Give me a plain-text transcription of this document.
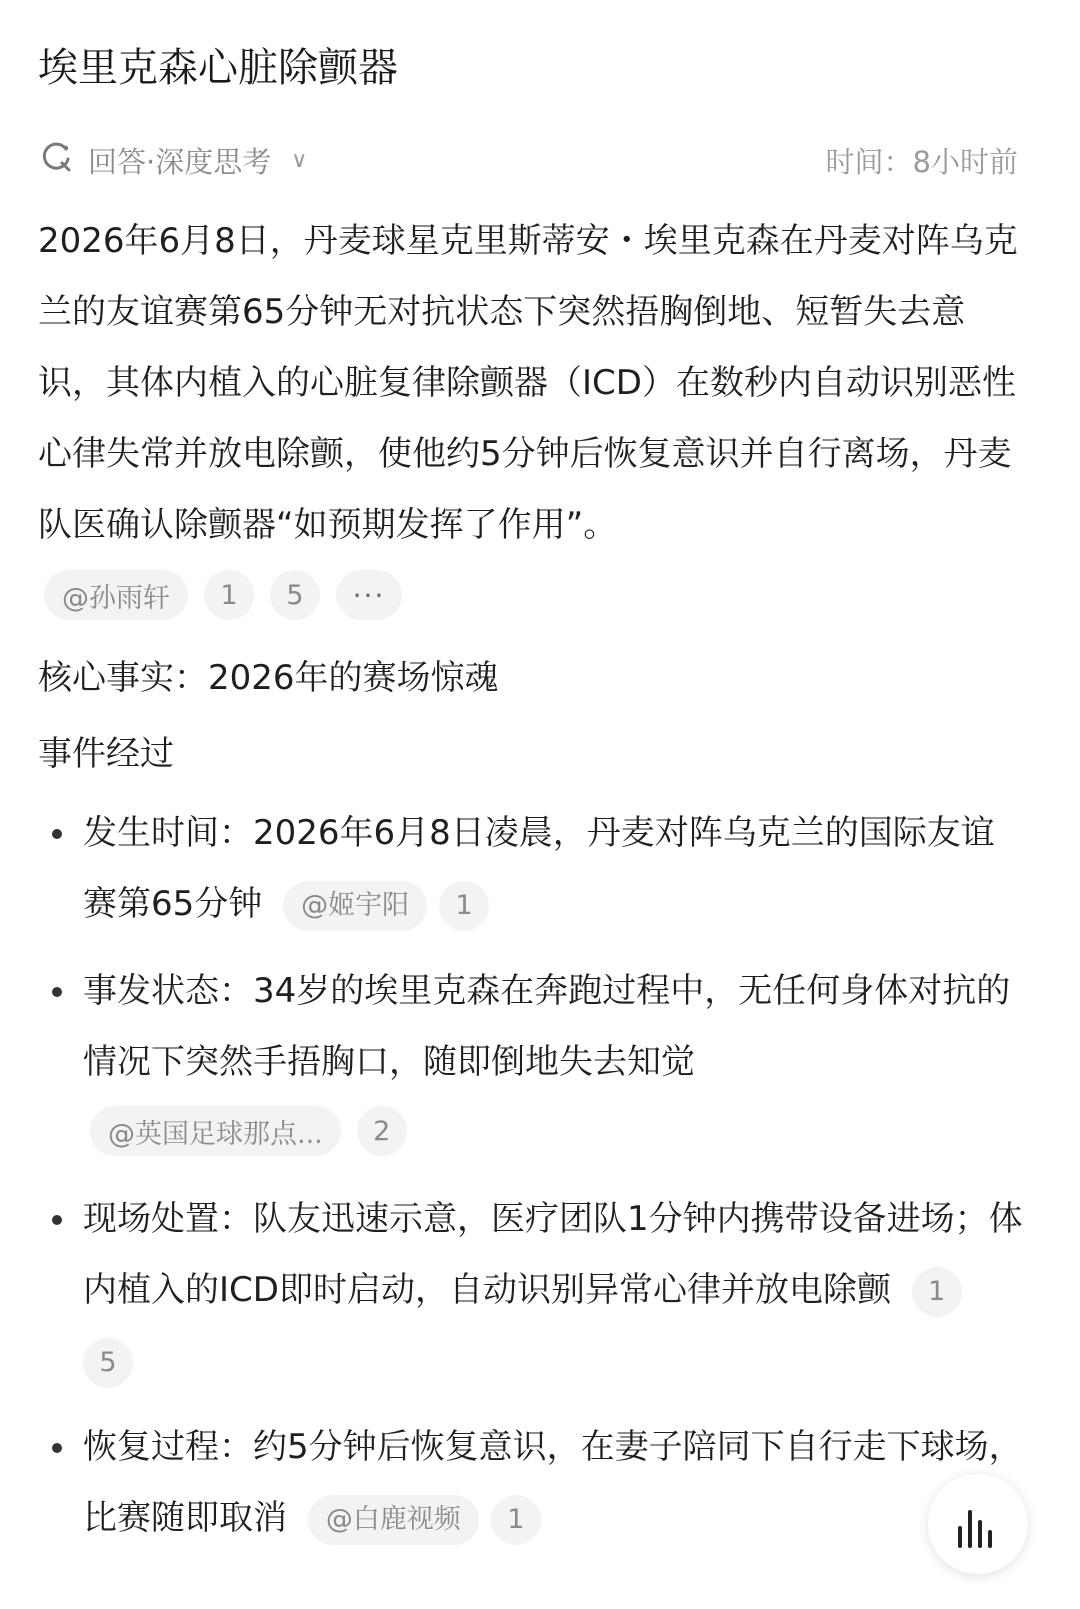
埃里克森心脏除颤器
回答·深度思考 ∨	时间：8小时前
2026年6月8日，丹麦球星克里斯蒂安・埃里克森在丹麦对阵乌克兰的友谊赛第65分钟无对抗状态下突然捂胸倒地、短暂失去意识，其体内植入的心脏复律除颤器（ICD）在数秒内自动识别恶性心律失常并放电除颤，使他约5分钟后恢复意识并自行离场，丹麦队医确认除颤器“如预期发挥了作用”。
@孙雨轩	1	5	···
核心事实：2026年的赛场惊魂
事件经过
发生时间：2026年6月8日凌晨，丹麦对阵乌克兰的国际友谊赛第65分钟 @姬宇阳 1
事发状态：34岁的埃里克森在奔跑过程中，无任何身体对抗的情况下突然手捂胸口，随即倒地失去知觉
@英国足球那点...	2
现场处置：队友迅速示意，医疗团队1分钟内携带设备进场；体内植入的ICD即时启动，自动识别异常心律并放电除颤 15
恢复过程：约5分钟后恢复意识，在妻子陪同下自行走下球场，比赛随即取消 @白鹿视频 1
